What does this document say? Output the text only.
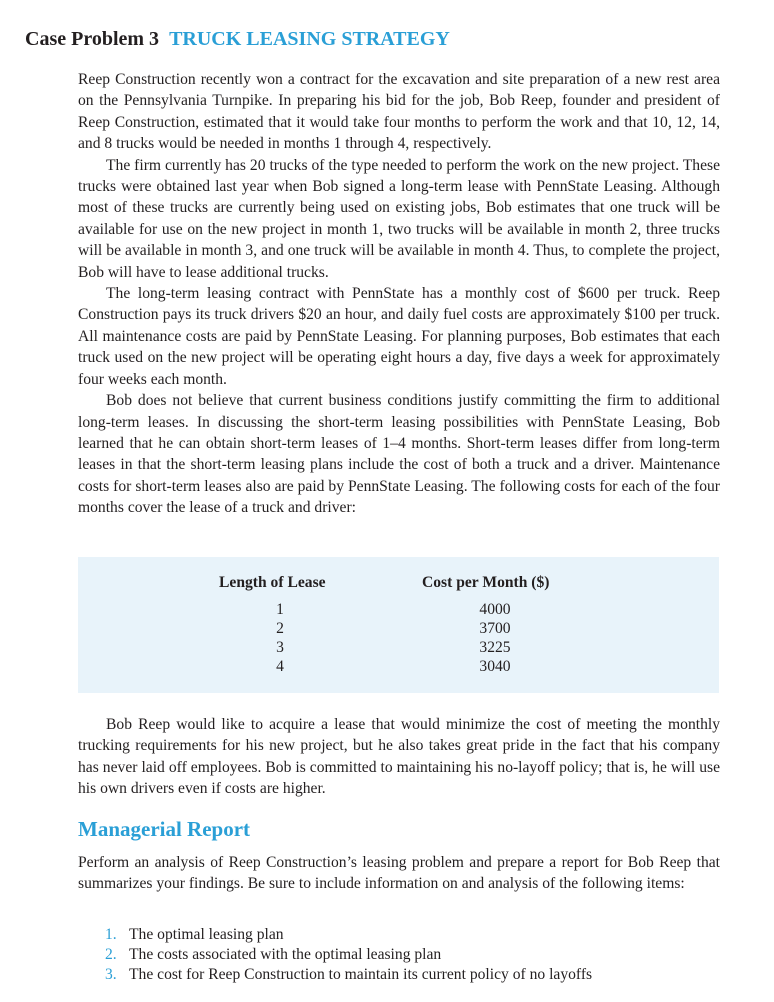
Case Problem 3 TRUCK LEASING STRATEGY

Reep Construction recently won a contract for the excavation and site preparation of a new rest area on the Pennsylvania Turnpike. In preparing his bid for the job, Bob Reep, founder and president of Reep Construction, estimated that it would take four months to perform the work and that 10, 12, 14, and 8 trucks would be needed in months 1 through 4, respectively.

The firm currently has 20 trucks of the type needed to perform the work on the new project. These trucks were obtained last year when Bob signed a long-term lease with PennState Leasing. Although most of these trucks are currently being used on existing jobs, Bob estimates that one truck will be available for use on the new project in month 1, two trucks will be available in month 2, three trucks will be available in month 3, and one truck will be available in month 4. Thus, to complete the project, Bob will have to lease additional trucks.

The long-term leasing contract with PennState has a monthly cost of $600 per truck. Reep Construction pays its truck drivers $20 an hour, and daily fuel costs are approximately $100 per truck. All maintenance costs are paid by PennState Leasing. For planning purposes, Bob estimates that each truck used on the new project will be operating eight hours a day, five days a week for approximately four weeks each month.

Bob does not believe that current business conditions justify committing the firm to additional long-term leases. In discussing the short-term leasing possibilities with PennState Leasing, Bob learned that he can obtain short-term leases of 1–4 months. Short-term leases differ from long-term leases in that the short-term leasing plans include the cost of both a truck and a driver. Maintenance costs for short-term leases also are paid by PennState Leasing. The following costs for each of the four months cover the lease of a truck and driver:

Length of Lease	Cost per Month ($)
1
2
3
4
4000
3700
3225
3040

Bob Reep would like to acquire a lease that would minimize the cost of meeting the monthly trucking requirements for his new project, but he also takes great pride in the fact that his company has never laid off employees. Bob is committed to maintaining his no-layoff policy; that is, he will use his own drivers even if costs are higher.

Managerial Report

Perform an analysis of Reep Construction’s leasing problem and prepare a report for Bob Reep that summarizes your findings. Be sure to include information on and analysis of the following items:

1. The optimal leasing plan
2. The costs associated with the optimal leasing plan
3. The cost for Reep Construction to maintain its current policy of no layoffs
